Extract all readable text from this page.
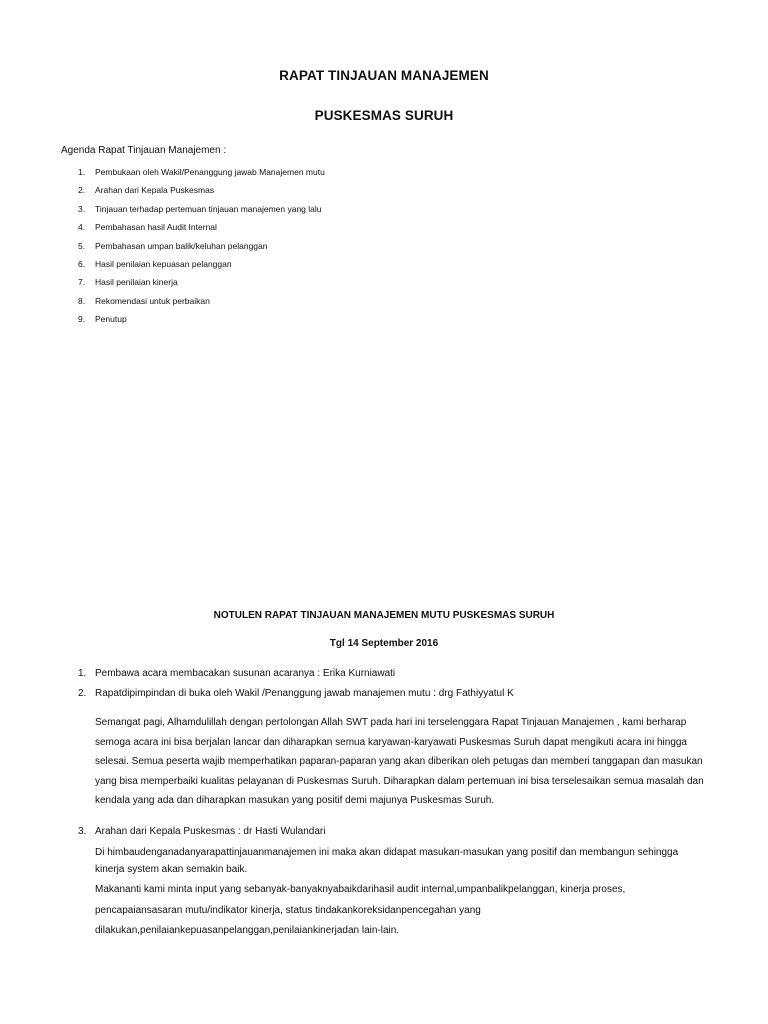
RAPAT TINJAUAN MANAJEMEN
PUSKESMAS SURUH
Agenda Rapat Tinjauan Manajemen :
1.	Pembukaan oleh Wakil/Penanggung jawab Manajemen mutu
2.	Arahan dari Kepala Puskesmas
3.	Tinjauan terhadap pertemuan tinjauan manajemen yang lalu
4.	Pembahasan hasil Audit Internal
5.	Pembahasan umpan balik/keluhan pelanggan
6.	Hasil penilaian kepuasan pelanggan
7.	Hasil penilaian kinerja
8.	Rekomendasi untuk perbaikan
9.	Penutup
NOTULEN RAPAT TINJAUAN MANAJEMEN MUTU PUSKESMAS SURUH
Tgl 14 September 2016
1. Pembawa acara membacakan susunan acaranya : Erika Kurniawati
2. Rapatdipimpindan di buka oleh Wakil /Penanggung jawab manajemen mutu : drg Fathiyyatul K
Semangat pagi, Alhamdulillah dengan pertolongan Allah SWT pada hari ini terselenggara Rapat Tinjauan Manajemen , kami berharap
semoga acara ini bisa berjalan lancar dan diharapkan semua karyawan-karyawati Puskesmas Suruh dapat mengikuti acara ini hingga
selesai. Semua peserta wajib memperhatikan paparan-paparan yang akan diberikan oleh petugas dan memberi tanggapan dan masukan
yang bisa memperbaiki kualitas pelayanan di Puskesmas Suruh. Diharapkan dalam pertemuan ini bisa terselesaikan semua masalah dan
kendala yang ada dan diharapkan masukan yang positif demi majunya Puskesmas Suruh.
3. Arahan dari Kepala Puskesmas : dr Hasti Wulandari
Di himbaudenganadanyarapattinjauanmanajemen ini maka akan didapat masukan-masukan yang positif dan membangun sehingga
kinerja system akan semakin baik.
Makananti kami minta input yang sebanyak-banyaknyabaikdarihasil audit internal,umpanbalikpelanggan, kinerja proses,
pencapaiansasaran mutu/indikator kinerja, status tindakankoreksidanpencegahan yang
dilakukan,penilaiankepuasanpelanggan,penilaiankinerjadan lain-lain.
